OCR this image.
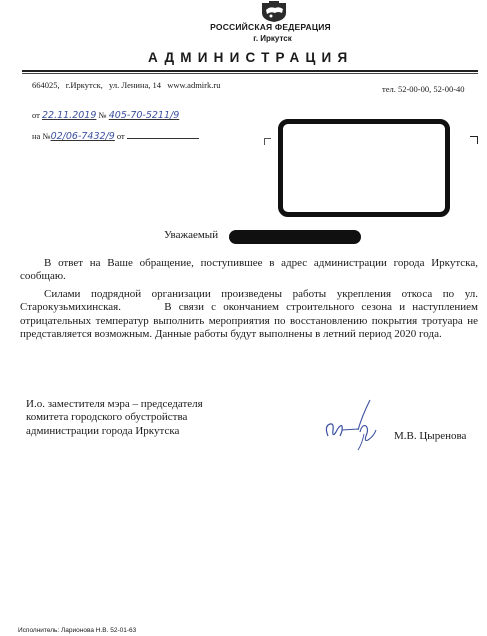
РОССИЙСКАЯ ФЕДЕРАЦИЯ
г. Иркутск
АДМИНИСТРАЦИЯ
664025, г.Иркутск, ул. Ленина, 14 www.admirk.ru	тел. 52-00-00, 52-00-40
от 22.11.2019 № 405-70-5211/9
на №02/06-7432/9 от
Уважаемый
В ответ на Ваше обращение, поступившее в адрес администрации города Иркутска, сообщаю.
Силами подрядной организации произведены работы укрепления откоса по ул. Старокузьмихинская.      В связи с окончанием строительного сезона и наступлением отрицательных температур выполнить мероприятия по восстановлению покрытия тротуара не представляется возможным. Данные работы будут выполнены в летний период 2020 года.
И.о. заместителя мэра – председателя
комитета городского обустройства
администрации города Иркутска	М.В. Цыренова
Исполнитель: Ларионова Н.В. 52-01-63
